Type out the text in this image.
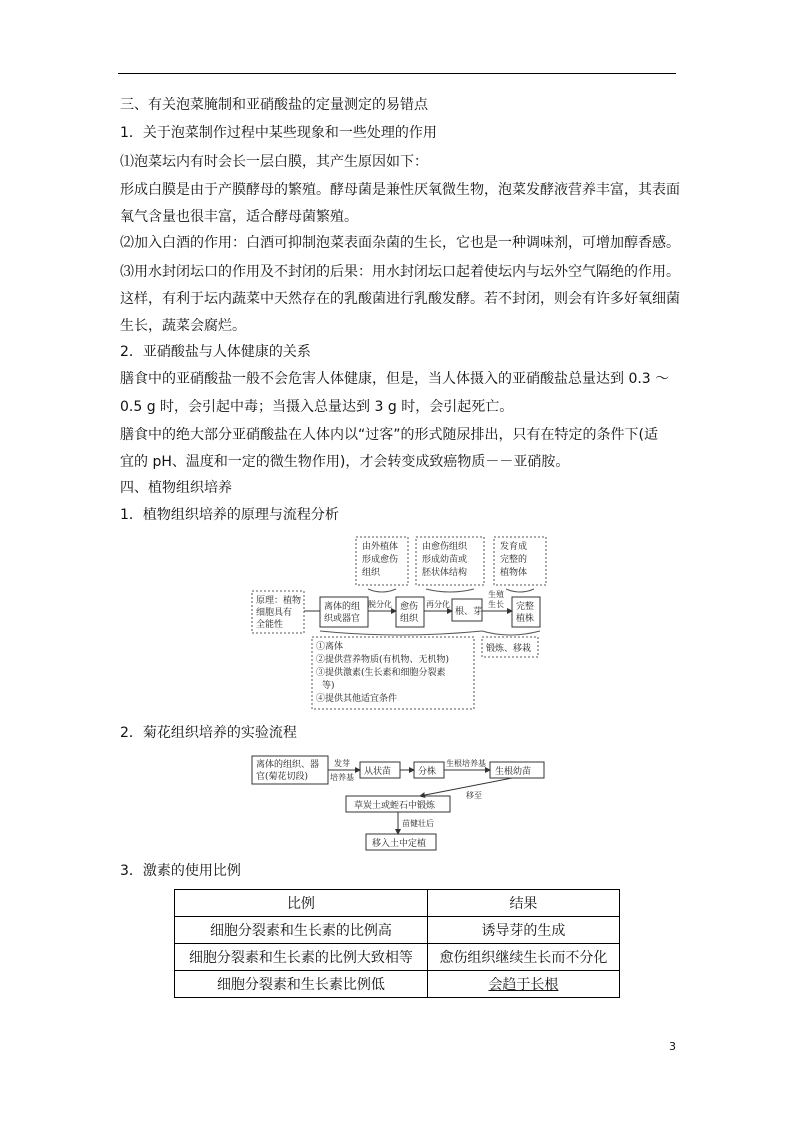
三、有关泡菜腌制和亚硝酸盐的定量测定的易错点
1．关于泡菜制作过程中某些现象和一些处理的作用
⑴泡菜坛内有时会长一层白膜，其产生原因如下：
形成白膜是由于产膜酵母的繁殖。酵母菌是兼性厌氧微生物，泡菜发酵液营养丰富，其表面
氧气含量也很丰富，适合酵母菌繁殖。
⑵加入白酒的作用：白酒可抑制泡菜表面杂菌的生长，它也是一种调味剂，可增加醇香感。
⑶用水封闭坛口的作用及不封闭的后果：用水封闭坛口起着使坛内与坛外空气隔绝的作用。
这样，有利于坛内蔬菜中天然存在的乳酸菌进行乳酸发酵。若不封闭，则会有许多好氧细菌
生长，蔬菜会腐烂。
2．亚硝酸盐与人体健康的关系
膳食中的亚硝酸盐一般不会危害人体健康，但是，当人体摄入的亚硝酸盐总量达到 0.3 ～
0.5 g 时，会引起中毒；当摄入总量达到 3 g 时，会引起死亡。
膳食中的绝大部分亚硝酸盐在人体内以“过客”的形式随尿排出，只有在特定的条件下(适
宜的 pH、温度和一定的微生物作用)，才会转变成致癌物质－－亚硝胺。
四、植物组织培养
1．植物组织培养的原理与流程分析
由外植体
形成愈伤
组织
由愈伤组织
形成幼苗或
胚状体结构
发育成
完整的
植物体
原理：植物
细胞具有
全能性
离体的组
织或器官
脱分化 愈伤
组织
再分化
根、芽
生殖
生长 完整
植株
①离体
②提供营养物质(有机物、无机物)
③提供激素(生长素和细胞分裂素
等)
④提供其他适宜条件
锻炼、移栽
2．菊花组织培养的实验流程
离体的组织、器
官(菊花切段)
发芽
培养基
从状苗	分株
生根培养基
生根幼苗
移至
草炭土或蛭石中锻炼
苗健壮后
移入土中定植
3．激素的使用比例
比例	结果
细胞分裂素和生长素的比例高	诱导芽的生成
细胞分裂素和生长素的比例大致相等	愈伤组织继续生长而不分化
细胞分裂素和生长素比例低	会趋于长根
3
